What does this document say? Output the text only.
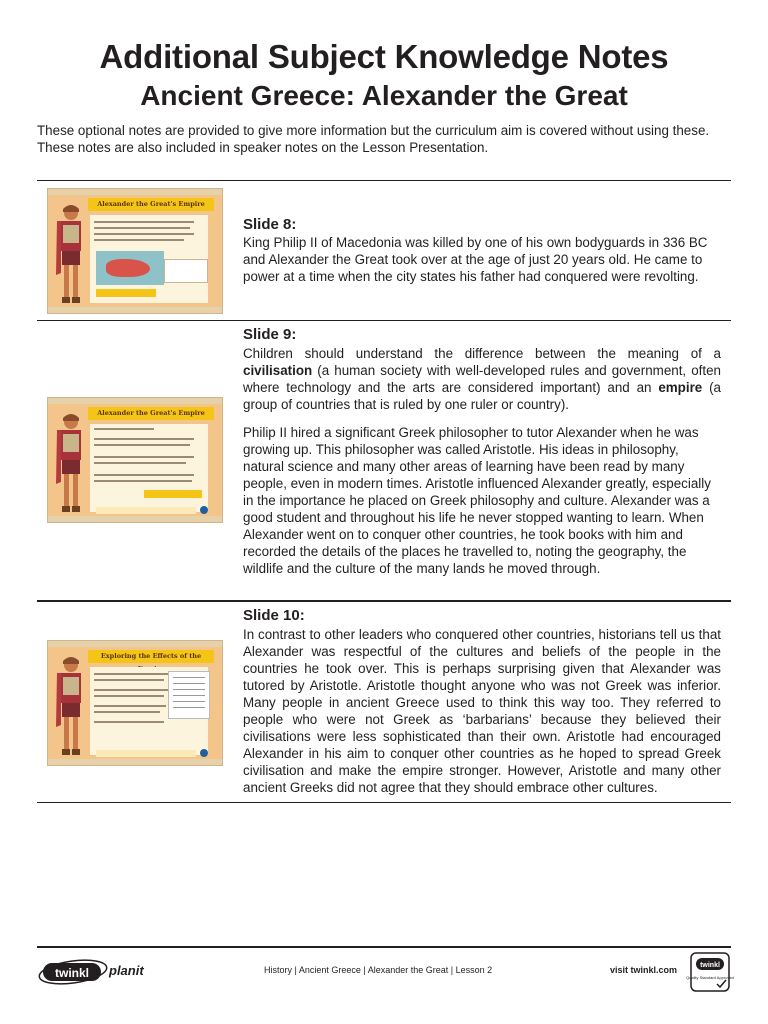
Additional Subject Knowledge Notes
Ancient Greece: Alexander the Great
These optional notes are provided to give more information but the curriculum aim is covered without using these. These notes are also included in speaker notes on the Lesson Presentation.
Alexander the Great's Empire
Slide 8:

King Philip II of Macedonia was killed by one of his own bodyguards in 336 BC and Alexander the Great took over at the age of just 20 years old. He came to power at a time when the city states his father had conquered were revolting.

Alexander the Great's Empire
Slide 9:

Children should understand the difference between the meaning of a civilisation (a human society with well-developed rules and government, often where technology and the arts are considered important) and an empire (a group of countries that is ruled by one ruler or country).

Philip II hired a significant Greek philosopher to tutor Alexander when he was growing up. This philosopher was called Aristotle. His ideas in philosophy, natural science and many other areas of learning have been read by many people, even in modern times. Aristotle influenced Alexander greatly, especially in the importance he placed on Greek philosophy and culture. Alexander was a good student and throughout his life he never stopped wanting to learn. When Alexander went on to conquer other countries, he took books with him and recorded the details of the places he travelled to, noting the geography, the wildlife and the culture of the many lands he moved through.

Exploring the Effects of the
Slide 10:

In contrast to other leaders who conquered other countries, historians tell us that Alexander was respectful of the cultures and beliefs of the people in the countries he took over. This is perhaps surprising given that Alexander was tutored by Aristotle. Aristotle thought anyone who was not Greek was inferior. Many people in ancient Greece used to think this way too. They referred to people who were not Greek as ‘barbarians’ because they believed their civilisations were less sophisticated than their own. Aristotle had encouraged Alexander in his aim to conquer other countries as he hoped to spread Greek civilisation and make the empire stronger. However, Aristotle and many other ancient Greeks did not agree that they should embrace other cultures.

twinkl planit	History | Ancient Greece | Alexander the Great | Lesson 2	visit twinkl.com	twinkl
Quality Standard Approved
